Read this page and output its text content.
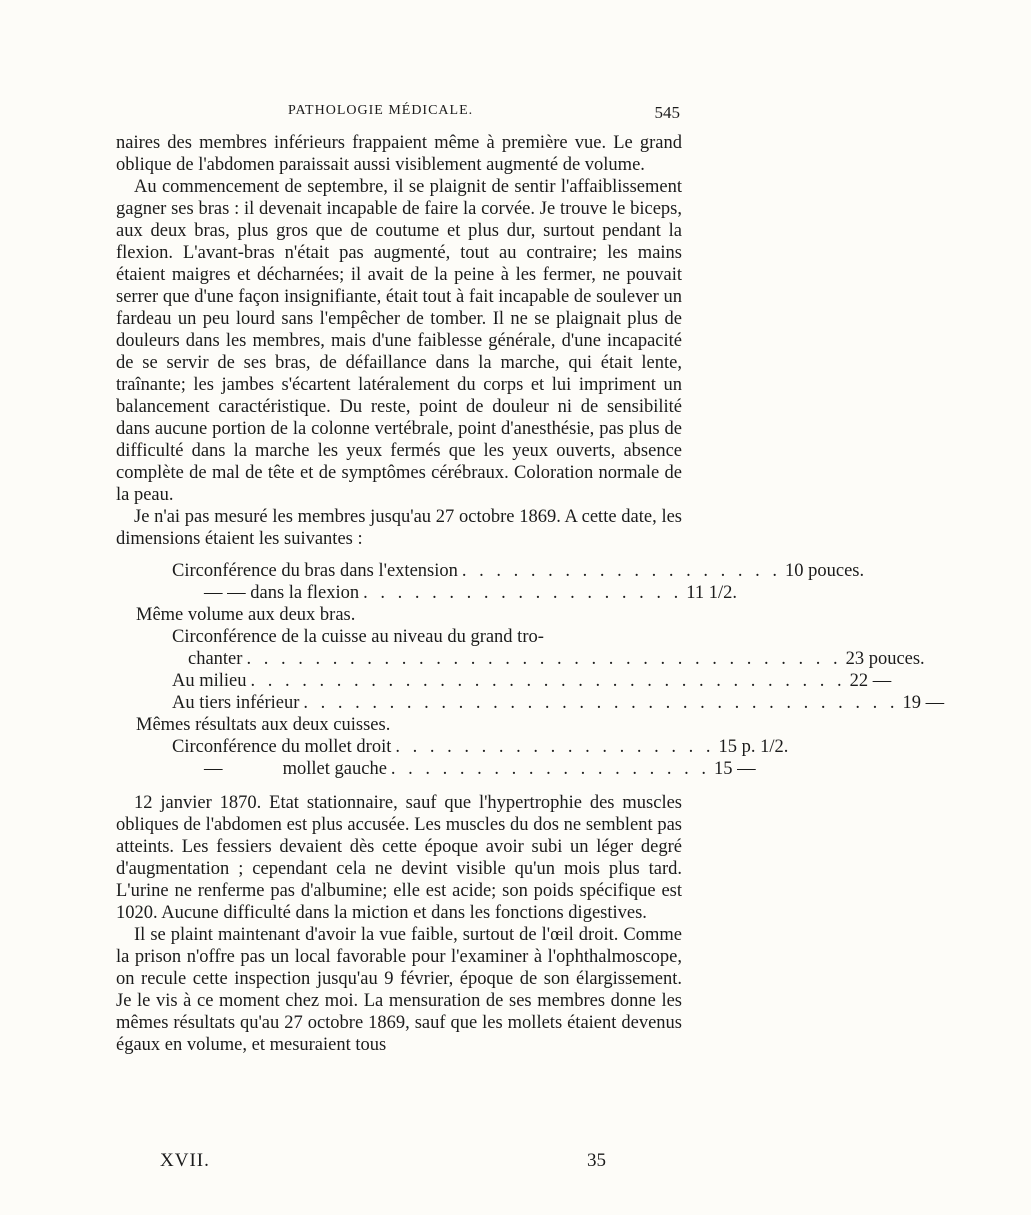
PATHOLOGIE MÉDICALE.	545

naires des membres inférieurs frappaient même à première vue. Le grand oblique de l'abdomen paraissait aussi visiblement augmenté de volume.

Au commencement de septembre, il se plaignit de sentir l'affaiblissement gagner ses bras : il devenait incapable de faire la corvée. Je trouve le biceps, aux deux bras, plus gros que de coutume et plus dur, surtout pendant la flexion. L'avant-bras n'était pas augmenté, tout au contraire; les mains étaient maigres et décharnées; il avait de la peine à les fermer, ne pouvait serrer que d'une façon insignifiante, était tout à fait incapable de soulever un fardeau un peu lourd sans l'empêcher de tomber. Il ne se plaignait plus de douleurs dans les membres, mais d'une faiblesse générale, d'une incapacité de se servir de ses bras, de défaillance dans la marche, qui était lente, traînante; les jambes s'écartent latéralement du corps et lui impriment un balancement caractéristique. Du reste, point de douleur ni de sensibilité dans aucune portion de la colonne vertébrale, point d'anesthésie, pas plus de difficulté dans la marche les yeux fermés que les yeux ouverts, absence complète de mal de tête et de symptômes cérébraux. Coloration normale de la peau.

Je n'ai pas mesuré les membres jusqu'au 27 octobre 1869. A cette date, les dimensions étaient les suivantes :

Circonférence du bras dans l'extension . . . . . . . . . . . . . . . . . . . 10 pouces.
— — dans la flexion . . . . . . . . . . . . . . . . . . . 11 1/2.
Même volume aux deux bras.
Circonférence de la cuisse au niveau du grand tro-
chanter . . . . . . . . . . . . . . . . . . . . . . . . . . . . . . . . . . . 23 pouces.
Au milieu . . . . . . . . . . . . . . . . . . . . . . . . . . . . . . . . . . . 22 —
Au tiers inférieur . . . . . . . . . . . . . . . . . . . . . . . . . . . . . . . . . . . 19 —
Mêmes résultats aux deux cuisses.
Circonférence du mollet droit . . . . . . . . . . . . . . . . . . . 15 p. 1/2.
—             mollet gauche . . . . . . . . . . . . . . . . . . . 15 —

12 janvier 1870. Etat stationnaire, sauf que l'hypertrophie des muscles obliques de l'abdomen est plus accusée. Les muscles du dos ne semblent pas atteints. Les fessiers devaient dès cette époque avoir subi un léger degré d'augmentation ; cependant cela ne devint visible qu'un mois plus tard. L'urine ne renferme pas d'albumine; elle est acide; son poids spécifique est 1020. Aucune difficulté dans la miction et dans les fonctions digestives.

Il se plaint maintenant d'avoir la vue faible, surtout de l'œil droit. Comme la prison n'offre pas un local favorable pour l'examiner à l'ophthalmoscope, on recule cette inspection jusqu'au 9 février, époque de son élargissement. Je le vis à ce moment chez moi. La mensuration de ses membres donne les mêmes résultats qu'au 27 octobre 1869, sauf que les mollets étaient devenus égaux en volume, et mesuraient tous

XVII.	35
